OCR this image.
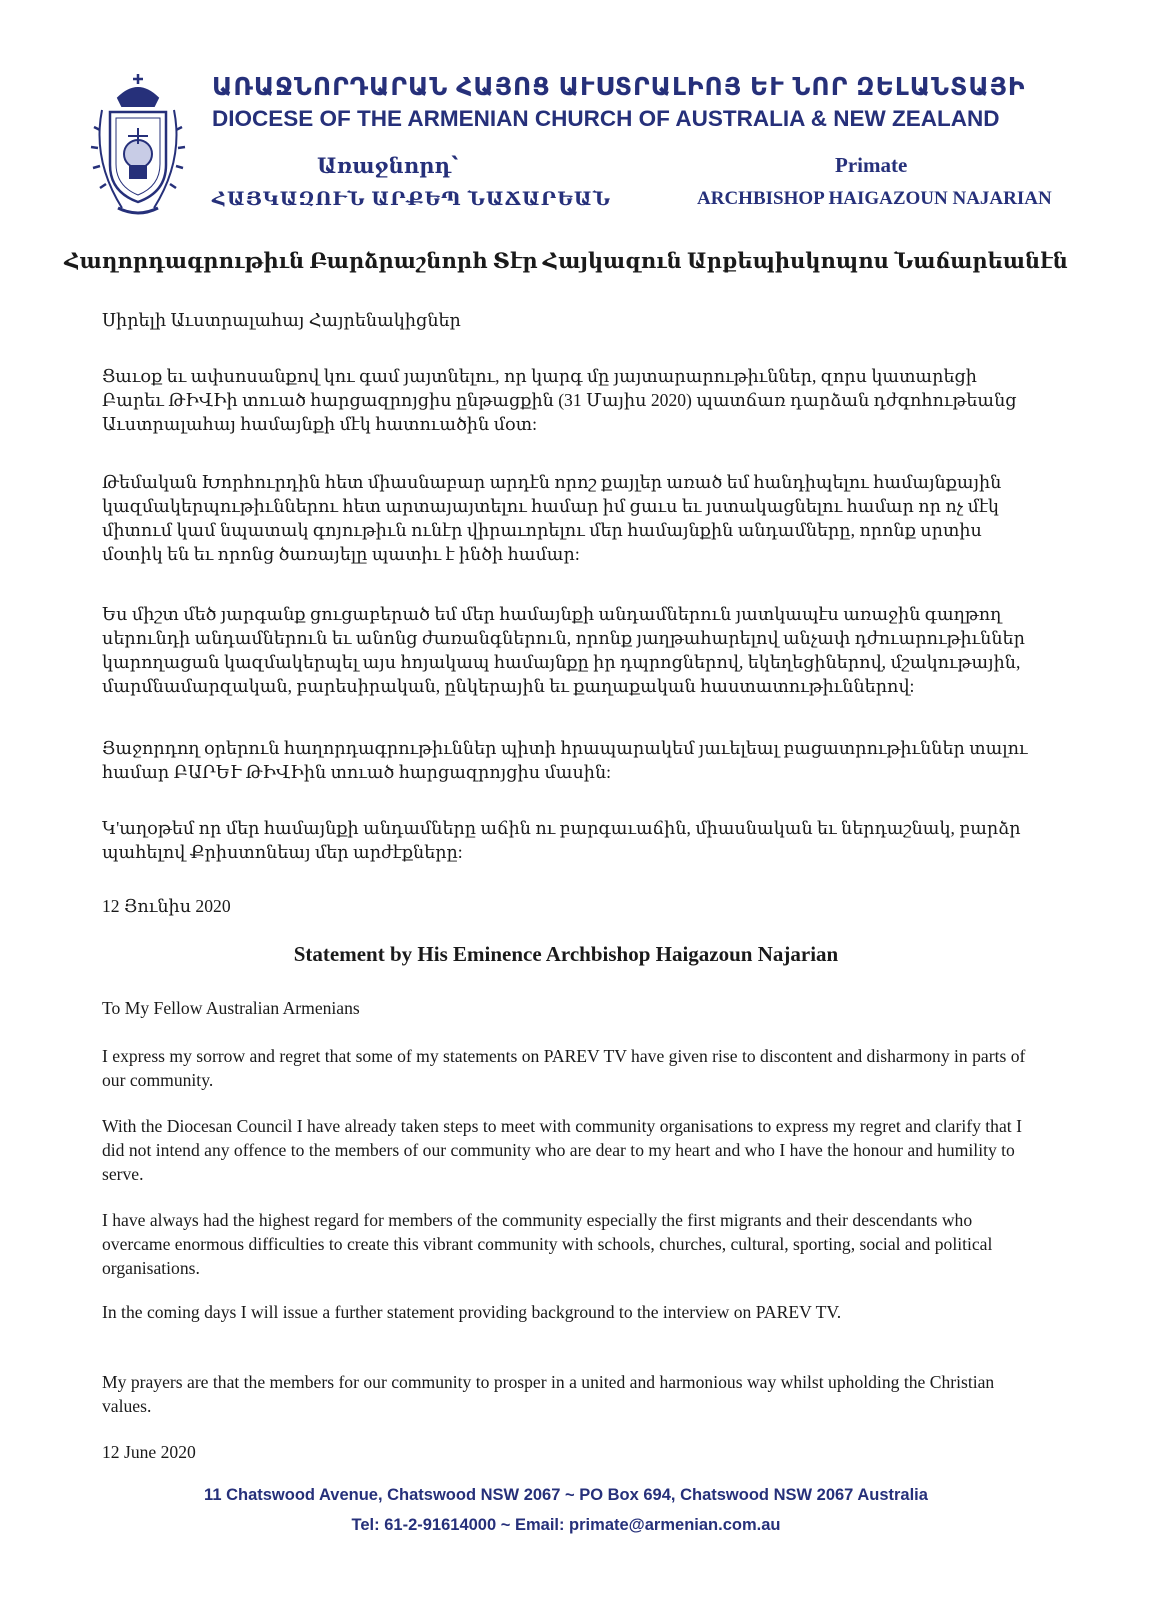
ԱՌԱՋՆՈՐԴԱՐԱՆ ՀԱՅՈՑ ԱՒՍՏՐԱԼԻՈՅ ԵՒ ՆՈՐ ԶԵԼԱՆՏԱՅԻ
DIOCESE OF THE ARMENIAN CHURCH OF AUSTRALIA & NEW ZEALAND
Առաջնորդ՝	Primate
ՀԱՅԿԱԶՈՒՆ ԱՐՔԵՊ ՆԱՃԱՐԵԱՆ	ARCHBISHOP HAIGAZOUN NAJARIAN
Հաղորդագրութիւն Բարձրաշնորհ Տէր Հայկազուն Արքեպիսկոպոս Նաճարեանէն
Սիրելի Աւստրալահայ Հայրենակիցներ
Ցաւօք եւ ափսոսանքով կու գամ յայտնելու, որ կարգ մը յայտարարութիւններ, զորս կատարեցի Բարեւ ԹԻՎԻի տուած հարցազրոյցիս ընթացքին (31 Մայիս 2020) պատճառ դարձան դժգոհութեանց Աւստրալահայ համայնքի մէկ հատուածին մօտ:
Թեմական Խորհուրդին հետ միասնաբար արդէն որոշ քայլեր առած եմ հանդիպելու համայնքային կազմակերպութիւններու հետ արտայայտելու համար իմ ցաւս եւ յստակացնելու համար որ ոչ մէկ միտում կամ նպատակ գոյութիւն ունէր վիրաւորելու մեր համայնքին անդամները, որոնք սրտիս մօտիկ են եւ որոնց ծառայելը պատիւ է ինծի համար:
Ես միշտ մեծ յարգանք ցուցաբերած եմ մեր համայնքի անդամներուն յատկապէս առաջին գաղթող սերունդի անդամներուն եւ անոնց ժառանգներուն, որոնք յաղթահարելով անչափ դժուարութիւններ կարողացան կազմակերպել այս հոյակապ համայնքը իր դպրոցներով, եկեղեցիներով, մշակութային, մարմնամարզական, բարեսիրական, ընկերային եւ քաղաքական հաստատութիւններով:
Յաջորդող օրերուն հաղորդագրութիւններ պիտի հրապարակեմ յաւելեալ բացատրութիւններ տալու համար ԲԱՐԵՒ ԹԻՎԻին տուած հարցազրոյցիս մասին:
Կ'աղօթեմ որ մեր համայնքի անդամները աճին ու բարգաւաճին, միասնական եւ ներդաշնակ, բարձր պահելով Քրիստոնեայ մեր արժէքները:
12 Յունիս 2020
Statement by His Eminence Archbishop Haigazoun Najarian
To My Fellow Australian Armenians
I express my sorrow and regret that some of my statements on PAREV TV have given rise to discontent and disharmony in parts of our community.
With the Diocesan Council I have already taken steps to meet with community organisations to express my regret and clarify that I did not intend any offence to the members of our community who are dear to my heart and who I have the honour and humility to serve.
I have always had the highest regard for members of the community especially the first migrants and their descendants who overcame enormous difficulties to create this vibrant community with schools, churches, cultural, sporting, social and political organisations.
In the coming days I will issue a further statement providing background to the interview on PAREV TV.
My prayers are that the members for our community to prosper in a united and harmonious way whilst upholding the Christian values.
12 June 2020
11 Chatswood Avenue, Chatswood NSW 2067 ~ PO Box 694, Chatswood NSW 2067 Australia
Tel: 61-2-91614000 ~ Email: primate@armenian.com.au
